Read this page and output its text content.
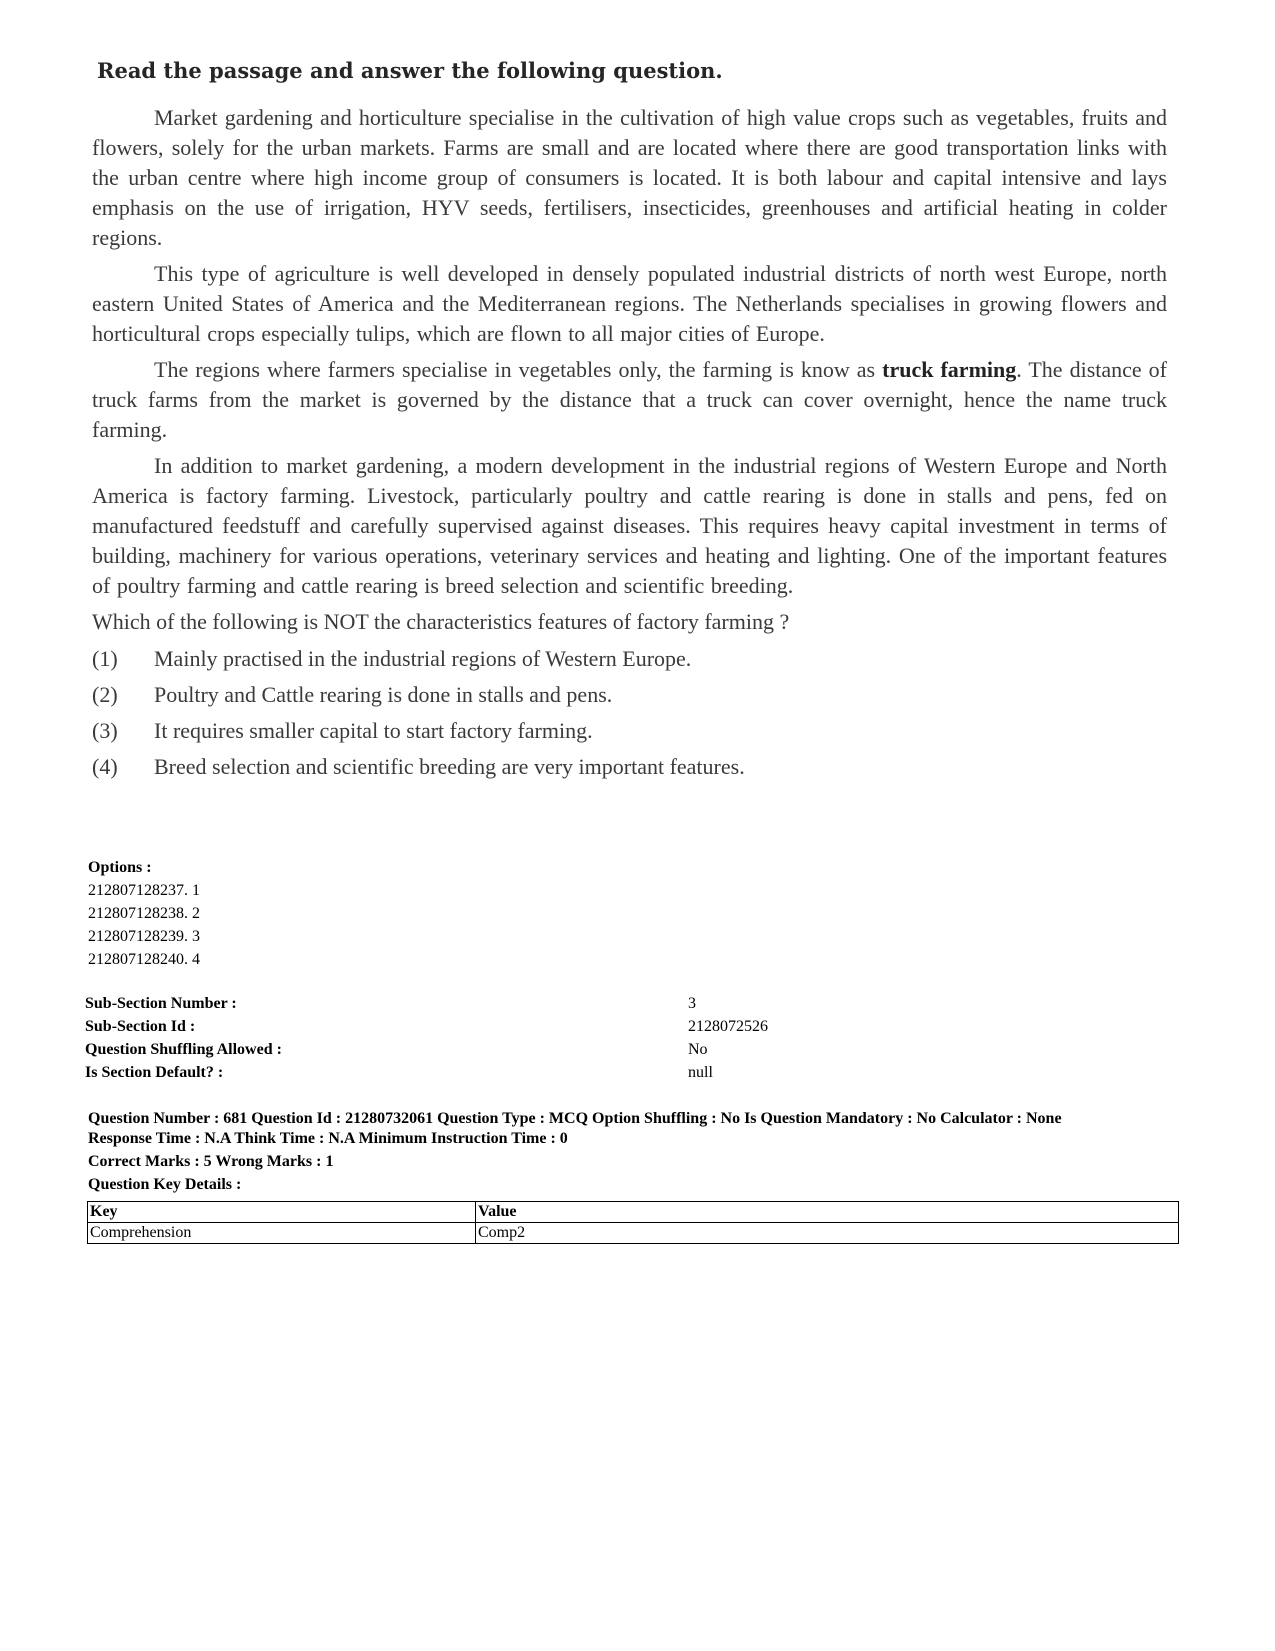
Read the passage and answer the following question.

Market gardening and horticulture specialise in the cultivation of high value crops such as vegetables, fruits and flowers, solely for the urban markets. Farms are small and are located where there are good transportation links with the urban centre where high income group of consumers is located. It is both labour and capital intensive and lays emphasis on the use of irrigation, HYV seeds, fertilisers, insecticides, greenhouses and artificial heating in colder regions.

This type of agriculture is well developed in densely populated industrial districts of north west Europe, north eastern United States of America and the Mediterranean regions. The Netherlands specialises in growing flowers and horticultural crops especially tulips, which are flown to all major cities of Europe.

The regions where farmers specialise in vegetables only, the farming is know as truck farming. The distance of truck farms from the market is governed by the distance that a truck can cover overnight, hence the name truck farming.

In addition to market gardening, a modern development in the industrial regions of Western Europe and North America is factory farming. Livestock, particularly poultry and cattle rearing is done in stalls and pens, fed on manufactured feedstuff and carefully supervised against diseases. This requires heavy capital investment in terms of building, machinery for various operations, veterinary services and heating and lighting. One of the important features of poultry farming and cattle rearing is breed selection and scientific breeding.

Which of the following is NOT the characteristics features of factory farming ?
(1)	Mainly practised in the industrial regions of Western Europe.
(2)	Poultry and Cattle rearing is done in stalls and pens.
(3)	It requires smaller capital to start factory farming.
(4)	Breed selection and scientific breeding are very important features.
Options :
212807128237. 1
212807128238. 2
212807128239. 3
212807128240. 4
Sub-Section Number :	3
Sub-Section Id :	2128072526
Question Shuffling Allowed :	No
Is Section Default? :	null
Question Number : 681 Question Id : 21280732061 Question Type : MCQ Option Shuffling : No Is Question Mandatory : No Calculator : None
Response Time : N.A Think Time : N.A Minimum Instruction Time : 0
Correct Marks : 5 Wrong Marks : 1
Question Key Details :
Key	Value
Comprehension	Comp2
